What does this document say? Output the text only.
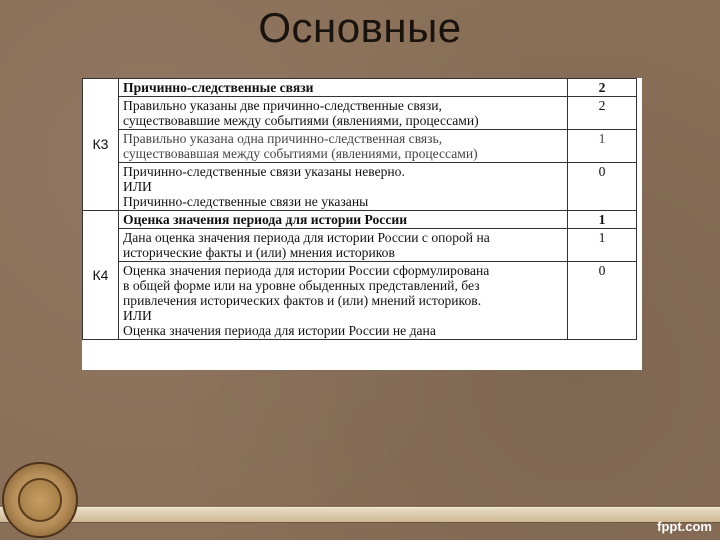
Основные
К3	Причинно-следственные связи	2

	Правильно указаны две причинно-следственные связи,
существовавшие между событиями (явлениями, процессами)	2

	Правильно указана одна причинно-следственная связь,
существовавшая между событиями (явлениями, процессами)	1

	Причинно-следственные связи указаны неверно.
ИЛИ
Причинно-следственные связи не указаны	0
К4	Оценка значения периода для истории России	1

	Дана оценка значения периода для истории России с опорой на
исторические факты и (или) мнения историков	1

	Оценка значения периода для истории России сформулирована
в общей форме или на уровне обыденных представлений, без
привлечения исторических фактов и (или) мнений историков.
ИЛИ
Оценка значения периода для истории России не дана	0
fppt.com
